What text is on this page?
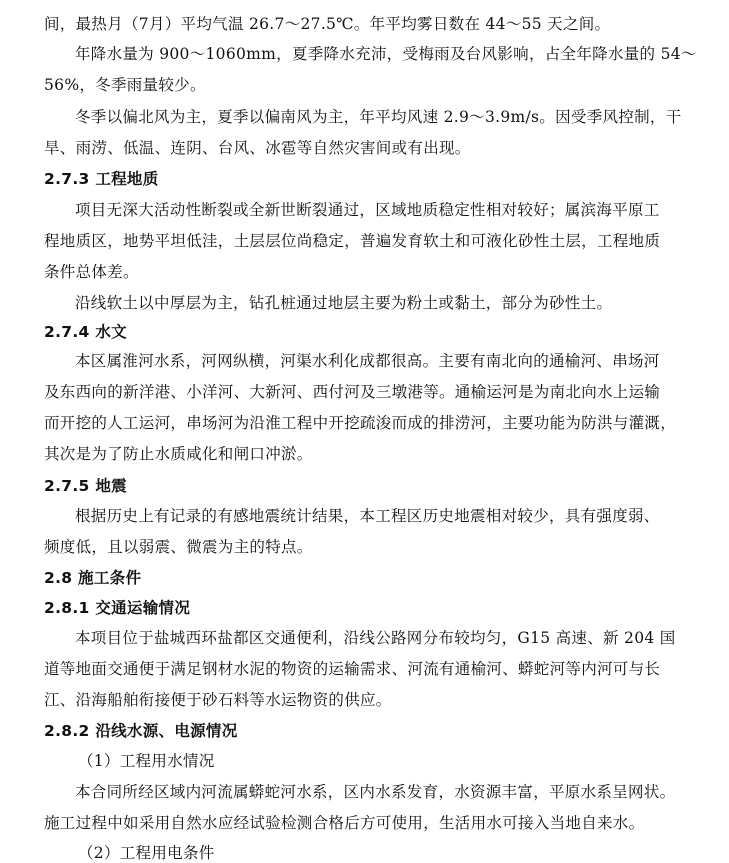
间，最热月（7月）平均气温 26.7～27.5℃。年平均雾日数在 44～55 天之间。
年降水量为 900～1060mm，夏季降水充沛，受梅雨及台风影响，占全年降水量的 54～
56%，冬季雨量较少。
冬季以偏北风为主，夏季以偏南风为主，年平均风速 2.9～3.9m/s。因受季风控制，干
旱、雨涝、低温、连阴、台风、冰雹等自然灾害间或有出现。
2.7.3 工程地质
项目无深大活动性断裂或全新世断裂通过，区域地质稳定性相对较好；属滨海平原工
程地质区，地势平坦低洼，土层层位尚稳定，普遍发育软土和可液化砂性土层，工程地质
条件总体差。
沿线软土以中厚层为主，钻孔桩通过地层主要为粉土或黏土，部分为砂性土。
2.7.4 水文
本区属淮河水系，河网纵横，河渠水利化成都很高。主要有南北向的通榆河、串场河
及东西向的新洋港、小洋河、大新河、西付河及三墩港等。通榆运河是为南北向水上运输
而开挖的人工运河，串场河为沿淮工程中开挖疏浚而成的排涝河，主要功能为防洪与灌溉，
其次是为了防止水质咸化和闸口冲淤。
2.7.5 地震
根据历史上有记录的有感地震统计结果，本工程区历史地震相对较少，具有强度弱、
频度低，且以弱震、微震为主的特点。
2.8 施工条件
2.8.1 交通运输情况
本项目位于盐城西环盐都区交通便利，沿线公路网分布较均匀，G15 高速、新 204 国
道等地面交通便于满足钢材水泥的物资的运输需求、河流有通榆河、蟒蛇河等内河可与长
江、沿海船舶衔接便于砂石料等水运物资的供应。
2.8.2 沿线水源、电源情况
（1）工程用水情况
本合同所经区域内河流属蟒蛇河水系，区内水系发育，水资源丰富，平原水系呈网状。
施工过程中如采用自然水应经试验检测合格后方可使用，生活用水可接入当地自来水。
（2）工程用电条件
